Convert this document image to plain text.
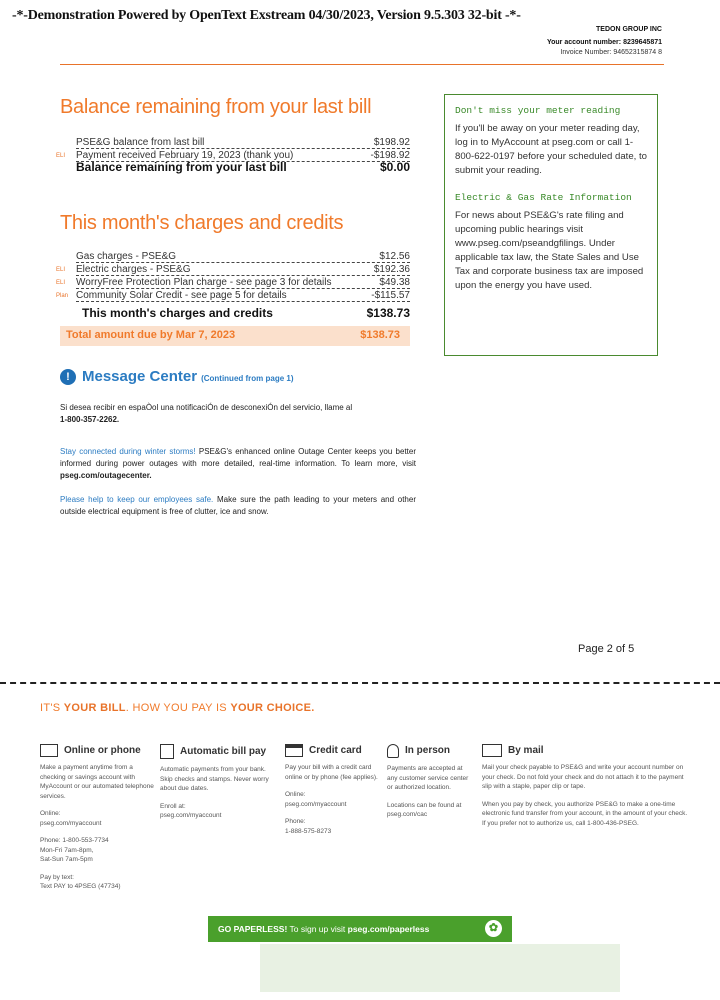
-*-Demonstration Powered by OpenText Exstream 04/30/2023, Version 9.5.303 32-bit -*-
TEDON GROUP INC
Your account number: 8239645871
Invoice Number: 94652315874 8
Balance remaining from your last bill
PSE&G balance from last bill	$198.92
ELI Payment received February 19, 2023 (thank you)	-$198.92
Balance remaining from your last bill	$0.00
This month's charges and credits
Gas charges - PSE&G	$12.56
ELI Electric charges - PSE&G	$192.36
ELI WorryFree Protection Plan charge - see page 3 for details	$49.38
Plan Community Solar Credit - see page 5 for details	-$115.57
This month's charges and credits	$138.73
Total amount due by Mar 7, 2023	$138.73
Don't miss your meter reading

If you'll be away on your meter reading day, log in to MyAccount at pseg.com or call 1-800-622-0197 before your scheduled date, to submit your reading.

Electric & Gas Rate Information

For news about PSE&G's rate filing and upcoming public hearings visit www.pseg.com/pseandgfilings. Under applicable tax law, the State Sales and Use Tax and corporate business tax are imposed upon the energy you have used.

! Message Center (Continued from page 1)
Si desea recibir en espaÒol una notificaciÓn de desconexiÓn del servicio, llame al
1-800-357-2262.
Stay connected during winter storms! PSE&G's enhanced online Outage Center keeps you better informed during power outages with more detailed, real-time information. To learn more, visit pseg.com/outagecenter.
Please help to keep our employees safe. Make sure the path leading to your meters and other outside electrical equipment is free of clutter, ice and snow.
Page 2 of 5
IT'S YOUR BILL. HOW YOU PAY IS YOUR CHOICE.
Online or phone
Make a payment anytime from a checking or savings account with MyAccount or our automated telephone services.
Online:
pseg.com/myaccount
Phone: 1-800-553-7734
Mon-Fri 7am-8pm,
Sat-Sun 7am-5pm
Pay by text:
Text PAY to 4PSEG (47734)
Automatic bill pay
Automatic payments from your bank. Skip checks and stamps. Never worry about due dates.
Enroll at:
pseg.com/myaccount
Credit card
Pay your bill with a credit card online or by phone (fee applies).
Online:
pseg.com/myaccount
Phone:
1-888-575-8273
In person
Payments are accepted at any customer service center or authorized location.
Locations can be found at
pseg.com/cac
By mail
Mail your check payable to PSE&G and write your account number on your check. Do not fold your check and do not attach it to the payment slip with a staple, paper clip or tape.
When you pay by check, you authorize PSE&G to make a one-time electronic fund transfer from your account, in the amount of your check. If you prefer not to authorize us, call 1-800-436-PSEG.
GO PAPERLESS! To sign up visit pseg.com/paperless	✿
